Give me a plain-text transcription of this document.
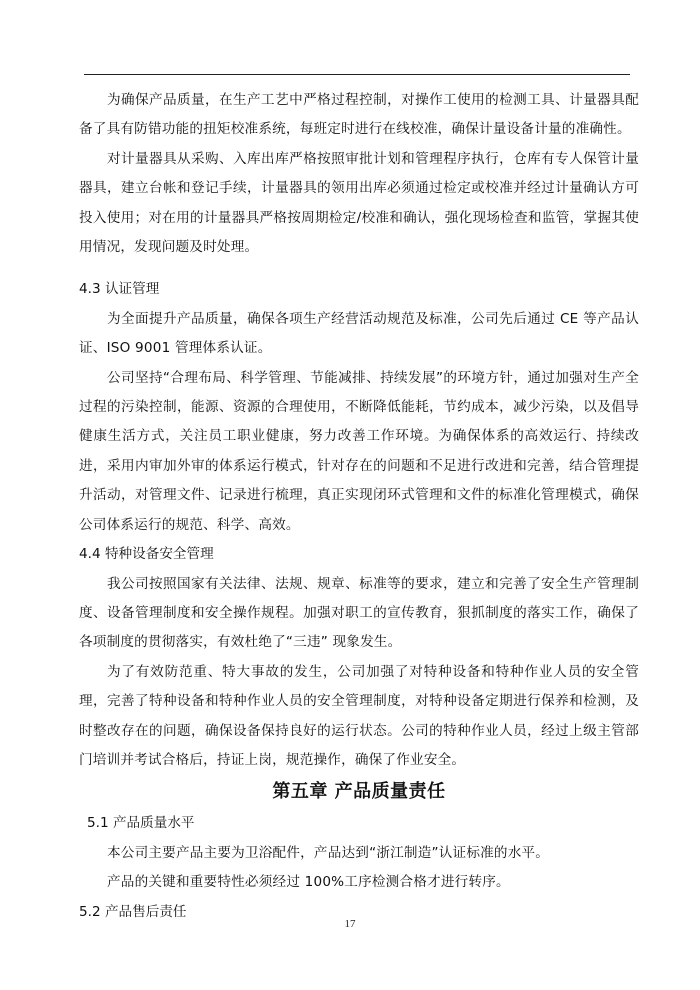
为确保产品质量，在生产工艺中严格过程控制，对操作工使用的检测工具、计量器具配备了具有防错功能的扭矩校准系统，每班定时进行在线校准，确保计量设备计量的准确性。

对计量器具从采购、入库出库严格按照审批计划和管理程序执行，仓库有专人保管计量器具，建立台帐和登记手续，计量器具的领用出库必须通过检定或校准并经过计量确认方可投入使用；对在用的计量器具严格按周期检定/校准和确认，强化现场检查和监管，掌握其使用情况，发现问题及时处理。

4.3 认证管理

为全面提升产品质量，确保各项生产经营活动规范及标准，公司先后通过 CE 等产品认证、ISO 9001 管理体系认证。

公司坚持“合理布局、科学管理、节能减排、持续发展”的环境方针，通过加强对生产全过程的污染控制，能源、资源的合理使用，不断降低能耗，节约成本，减少污染，以及倡导健康生活方式，关注员工职业健康，努力改善工作环境。为确保体系的高效运行、持续改进，采用内审加外审的体系运行模式，针对存在的问题和不足进行改进和完善，结合管理提升活动，对管理文件、记录进行梳理，真正实现闭环式管理和文件的标准化管理模式，确保公司体系运行的规范、科学、高效。

4.4 特种设备安全管理

我公司按照国家有关法律、法规、规章、标准等的要求，建立和完善了安全生产管理制度、设备管理制度和安全操作规程。加强对职工的宣传教育，狠抓制度的落实工作，确保了各项制度的贯彻落实，有效杜绝了“三违” 现象发生。

为了有效防范重、特大事故的发生，公司加强了对特种设备和特种作业人员的安全管理，完善了特种设备和特种作业人员的安全管理制度，对特种设备定期进行保养和检测，及时整改存在的问题，确保设备保持良好的运行状态。公司的特种作业人员，经过上级主管部门培训并考试合格后，持证上岗，规范操作，确保了作业安全。

第五章 产品质量责任

5.1 产品质量水平

本公司主要产品主要为卫浴配件，产品达到“浙江制造”认证标准的水平。

产品的关键和重要特性必须经过 100%工序检测合格才进行转序。

5.2 产品售后责任

17
